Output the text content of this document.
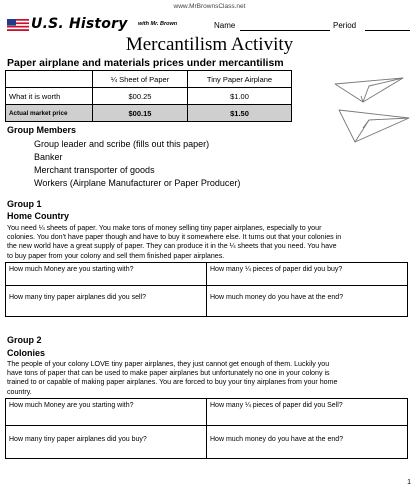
www.MrBrownsClass.net
U.S. History with Mr. Brown	Name	Period
Mercantilism Activity
Paper airplane and materials prices under mercantilism
	¼ Sheet of Paper	Tiny Paper Airplane
What it is worth	$00.25	$1.00
Actual market price	$00.15	$1.50
Group Members
Group leader and scribe (fills out this paper)
Banker
Merchant transporter of goods
Workers (Airplane Manufacturer or Paper Producer)
Group 1
Home Country
You need ¼ sheets of paper. You make tons of money selling tiny paper airplanes, especially to your
colonies. You don't have paper though and have to buy it somewhere else. It turns out that your colonies in
the new world have a great supply of paper. They can produce it in the ¼ sheets that you need. You have
to buy paper from your colony and sell them finished paper airplanes.
How much Money are you starting with?	How many ¼ pieces of paper did you buy?
How many tiny paper airplanes did you sell?	How much money do you have at the end?
Group 2
Colonies
The people of your colony LOVE tiny paper airplanes, they just cannot get enough of them. Luckily you
have tons of paper that can be used to make paper airplanes but unfortunately no one in your colony is
trained to or capable of making paper airplanes. You are forced to buy your tiny airplanes from your home
country.
How much Money are you starting with?	How many ¼ pieces of paper did you Sell?
How many tiny paper airplanes did you buy?	How much money do you have at the end?
1
